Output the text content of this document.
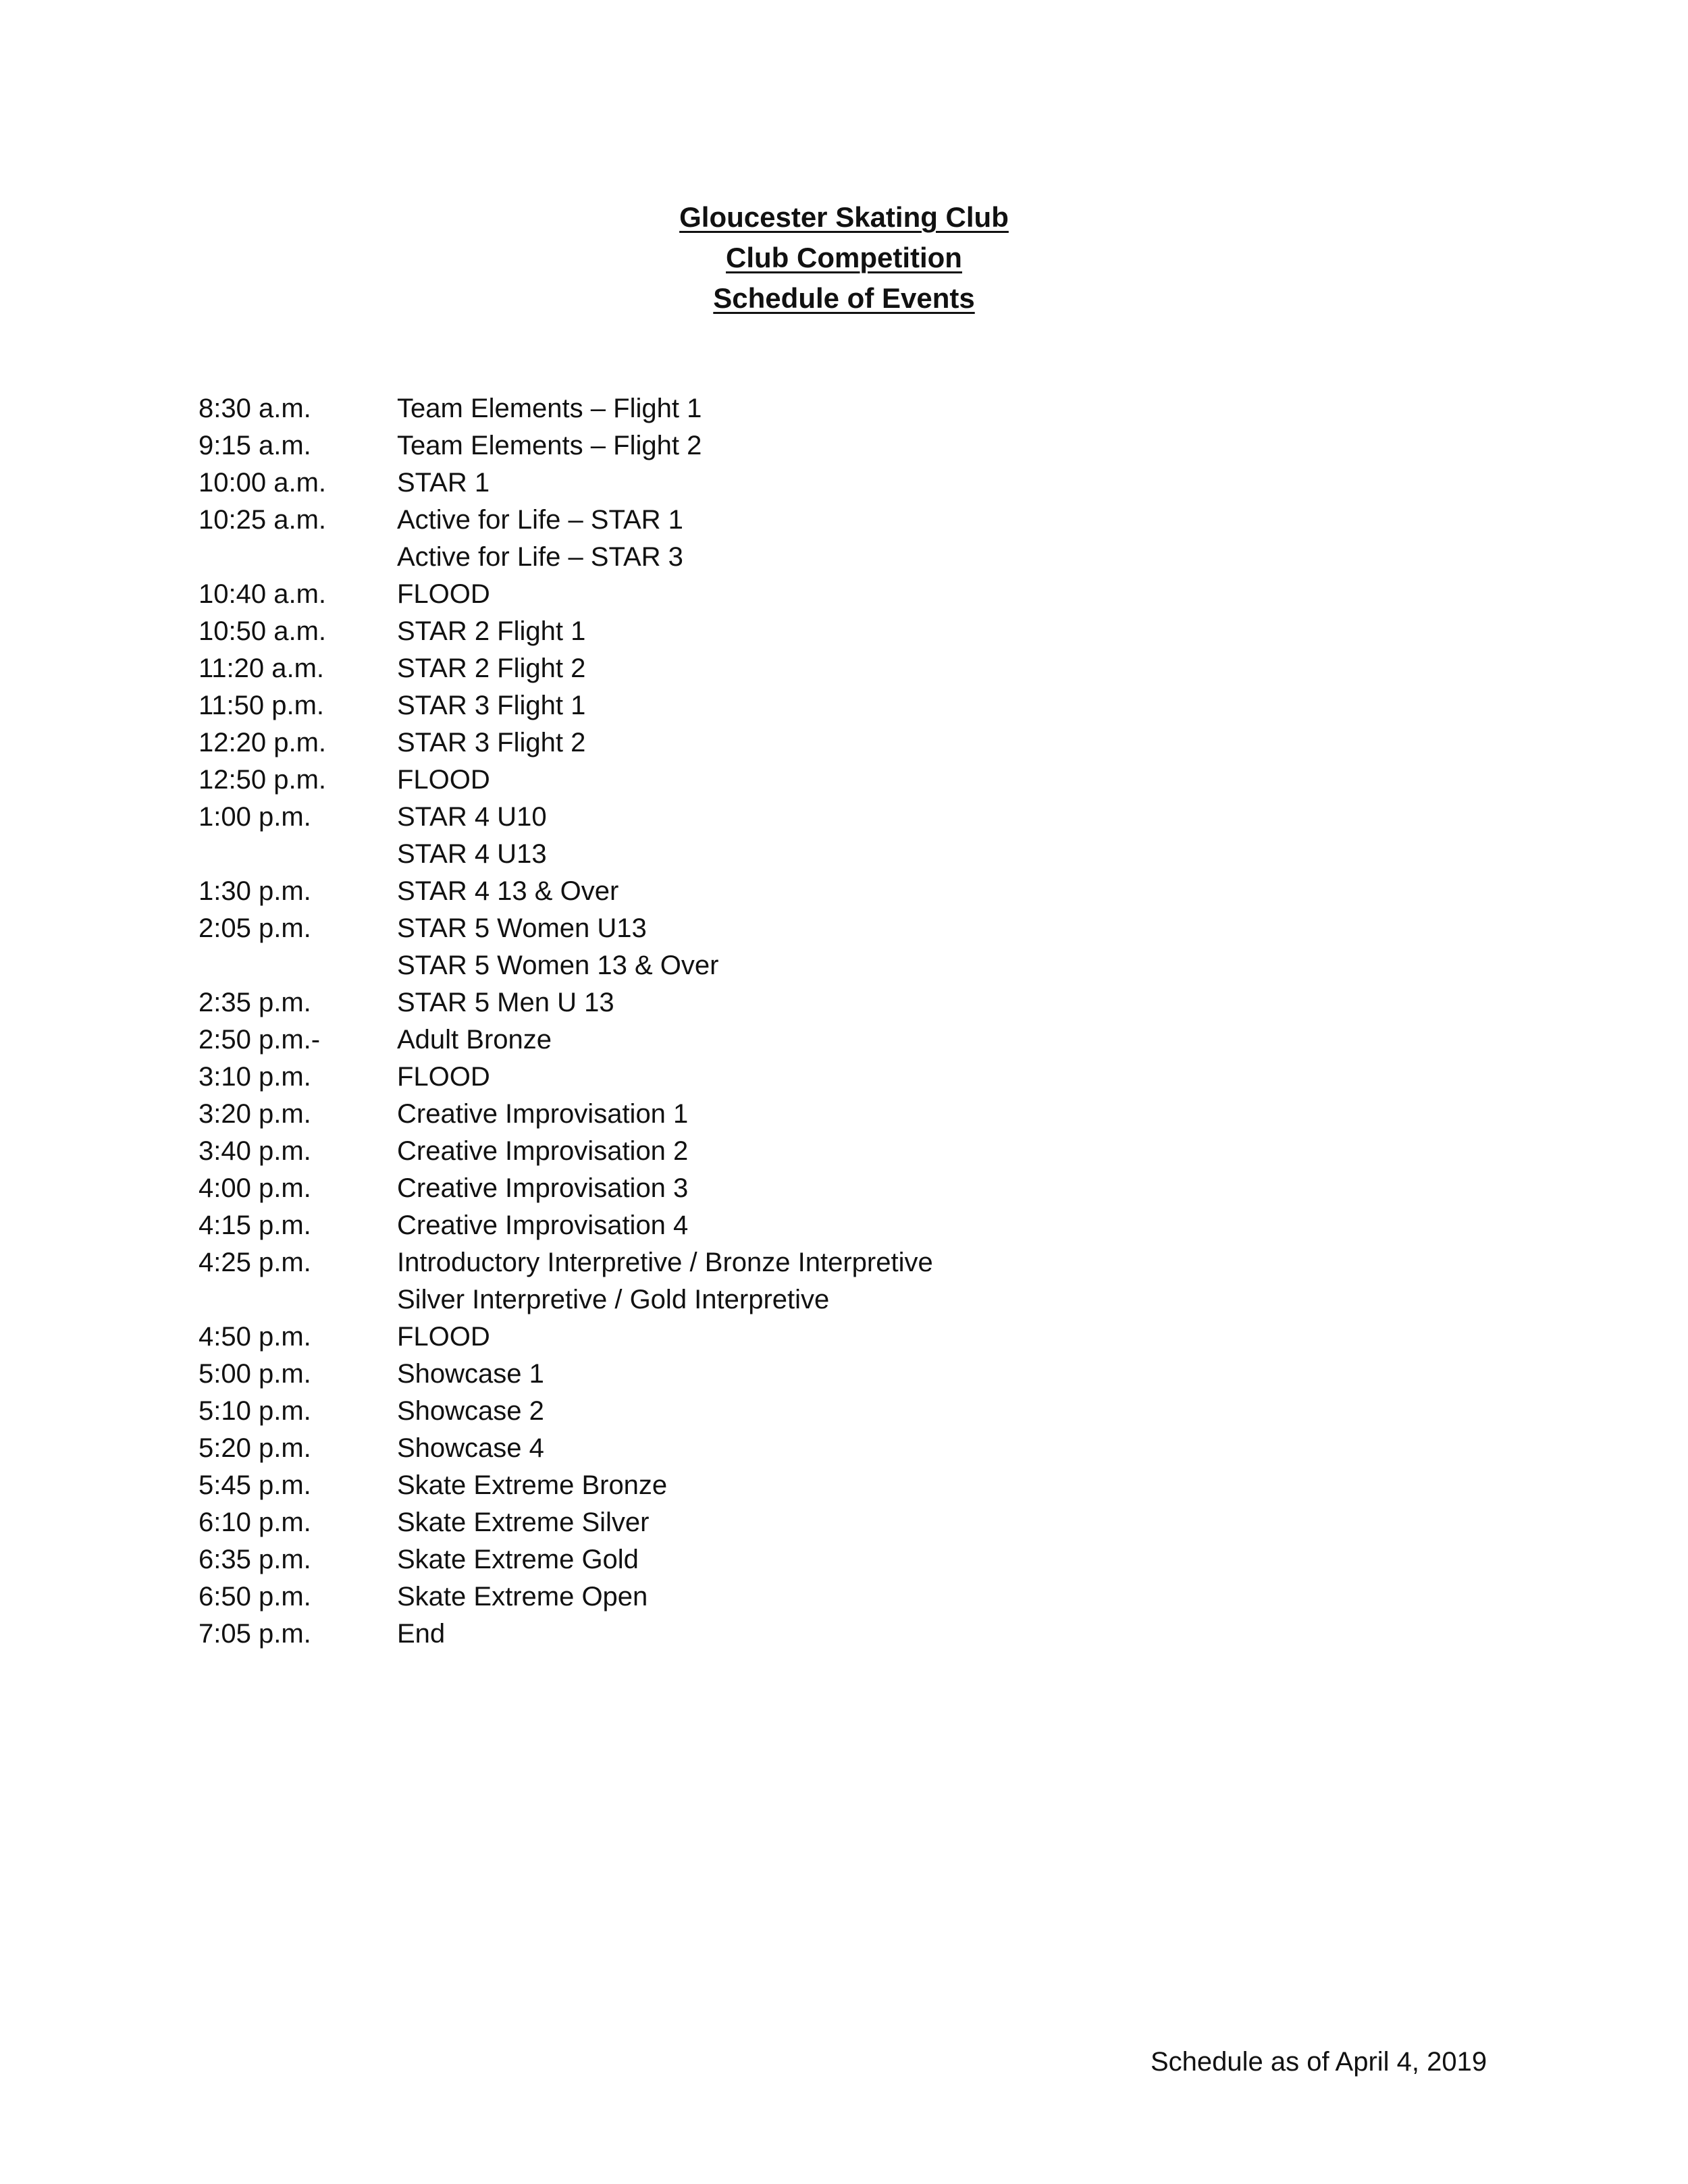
Gloucester Skating Club
Club Competition
Schedule of Events
8:30 a.m.	Team Elements – Flight 1
9:15 a.m.	Team Elements – Flight 2
10:00 a.m.	STAR 1
10:25 a.m.	Active for Life – STAR 1
Active for Life – STAR 3
10:40 a.m.	FLOOD
10:50 a.m.	STAR 2 Flight 1
11:20 a.m.	STAR 2 Flight 2
11:50 p.m.	STAR 3 Flight 1
12:20 p.m.	STAR 3 Flight 2
12:50 p.m.	FLOOD
1:00 p.m.	STAR 4 U10
STAR 4 U13
1:30 p.m.	STAR 4 13 & Over
2:05 p.m.	STAR 5 Women U13
STAR 5 Women 13 & Over
2:35 p.m.	STAR 5 Men U 13
2:50 p.m.-	Adult Bronze
3:10 p.m.	FLOOD
3:20 p.m.	Creative Improvisation 1
3:40 p.m.	Creative Improvisation 2
4:00 p.m.	Creative Improvisation 3
4:15 p.m.	Creative Improvisation 4
4:25 p.m.	Introductory Interpretive / Bronze Interpretive
Silver Interpretive / Gold Interpretive
4:50 p.m.	FLOOD
5:00 p.m.	Showcase 1
5:10 p.m.	Showcase 2
5:20 p.m.	Showcase 4
5:45 p.m.	Skate Extreme Bronze
6:10 p.m.	Skate Extreme Silver
6:35 p.m.	Skate Extreme Gold
6:50 p.m.	Skate Extreme Open
7:05 p.m.	End
Schedule as of April 4, 2019
